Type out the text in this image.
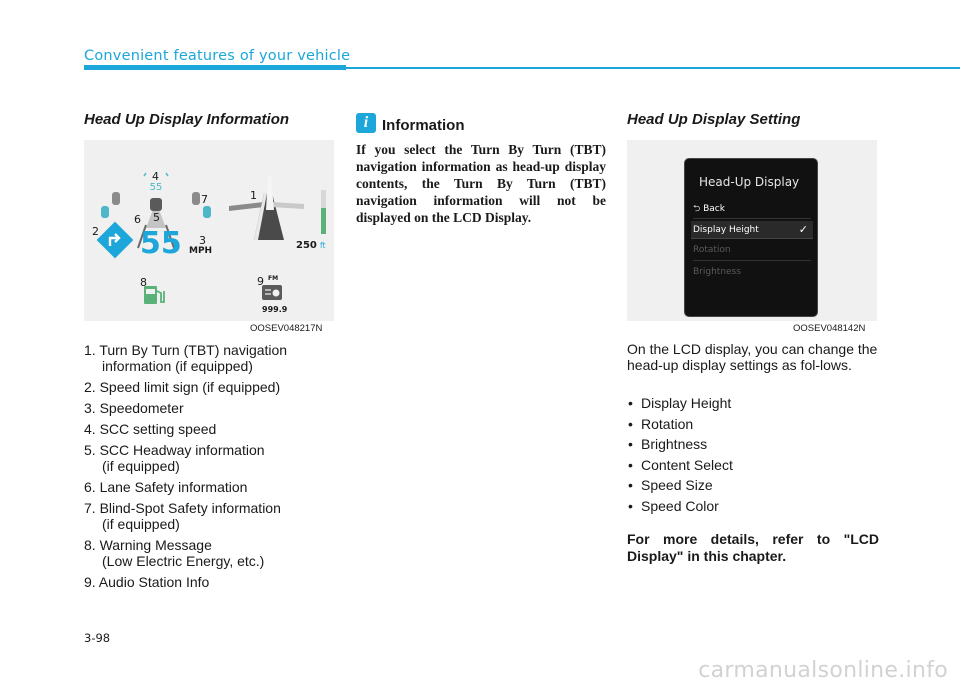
Convenient features of your vehicle
Head Up Display Information
55
55 MPH	250 ft
FM
999.9
1
2
3
4
5
6
7
8	9
OOSEV048217N
1. Turn By Turn (TBT) navigation
information (if equipped)
2. Speed limit sign (if equipped)
3. Speedometer
4. SCC setting speed
5. SCC Headway information
(if equipped)
6. Lane Safety information
7. Blind-Spot Safety information
(if equipped)
8. Warning Message
(Low Electric Energy, etc.)
9. Audio Station Info
i Information
If you select the Turn By Turn (TBT) navigation information as head-up display contents, the Turn By Turn (TBT) navigation information will not be displayed on the LCD Display.
Head Up Display Setting
Head-Up Display
⮌ Back
Display Height	✓
Rotation
Brightness
OOSEV048142N
On the LCD display, you can change the head-up display settings as fol-lows.
• Display Height
• Rotation
• Brightness
• Content Select
• Speed Size
• Speed Color
For more details, refer to "LCD Display" in this chapter.
3-98
carmanualsonline.info
